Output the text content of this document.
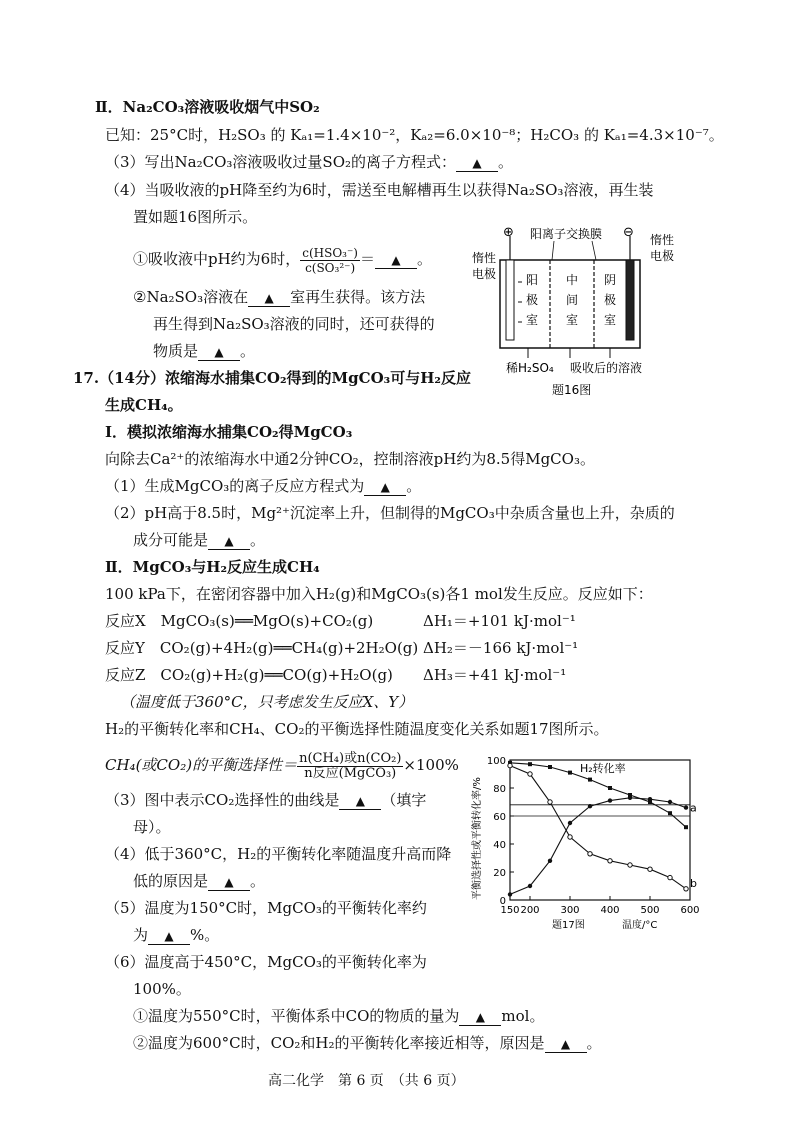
Ⅱ．Na₂CO₃溶液吸收烟气中SO₂
已知：25°C时，H₂SO₃ 的 Kₐ₁=1.4×10⁻²，Kₐ₂=6.0×10⁻⁸；H₂CO₃ 的 Kₐ₁=4.3×10⁻⁷。
（3）写出Na₂CO₃溶液吸收过量SO₂的离子方程式： ▲ 。
（4）当吸收液的pH降至约为6时，需送至电解槽再生以获得Na₂SO₃溶液，再生装
置如题16图所示。
①吸收液中pH约为6时， $\frac{\text{c(HSO₃⁻)}}{\text{c(SO₃²⁻)}}$ ＝ ▲ 。
②Na₂SO₃溶液在 ▲ 室再生获得。该方法
再生得到Na₂SO₃溶液的同时，还可获得的
物质是 ▲ 。
⊕	⊖
阳离子交换膜
惰性
电极
惰性
电极
阳
极
室
中
间
室
阴
极
室
稀H₂SO₄ 吸收后的溶液
题16图
17.（14分）浓缩海水捕集CO₂得到的MgCO₃可与H₂反应
生成CH₄。
I．模拟浓缩海水捕集CO₂得MgCO₃
向除去Ca²⁺的浓缩海水中通2分钟CO₂，控制溶液pH约为8.5得MgCO₃。
（1）生成MgCO₃的离子反应方程式为 ▲ 。
（2）pH高于8.5时，Mg²⁺沉淀率上升，但制得的MgCO₃中杂质含量也上升，杂质的
成分可能是 ▲ 。
Ⅱ．MgCO₃与H₂反应生成CH₄
100 kPa下，在密闭容器中加入H₂(g)和MgCO₃(s)各1 mol发生反应。反应如下：
反应X　MgCO₃(s)══MgO(s)+CO₂(g)	ΔH₁＝+101 kJ·mol⁻¹
反应Y　CO₂(g)+4H₂(g)══CH₄(g)+2H₂O(g) ΔH₂＝－166 kJ·mol⁻¹
反应Z　CO₂(g)+H₂(g)══CO(g)+H₂O(g) ΔH₃＝+41 kJ·mol⁻¹
（温度低于360°C，只考虑发生反应X、Y）
H₂的平衡转化率和CH₄、CO₂的平衡选择性随温度变化关系如题17图所示。
CH₄(或CO₂)的平衡选择性＝ $\frac{\text{n(CH₄)或n(CO₂)}}{\text{n反应(MgCO₃)}} \times 100\%$
（3）图中表示CO₂选择性的曲线是 ▲ （填字
母）。
（4）低于360°C，H₂的平衡转化率随温度升高而降
低的原因是 ▲ 。
（5）温度为150°C时，MgCO₃的平衡转化率约
为 ▲ %。
（6）温度高于450°C，MgCO₃的平衡转化率为
100%。
①温度为550°C时，平衡体系中CO的物质的量为 ▲ mol。
②温度为600°C时，CO₂和H₂的平衡转化率接近相等，原因是 ▲ 。
0
20
40
60
80
100
150 200 300 400 500 600
H₂转化率
a
b
平衡选择性或平衡转化率/%
温度/°C
题17图
高二化学　第 6 页　（共 6 页）
